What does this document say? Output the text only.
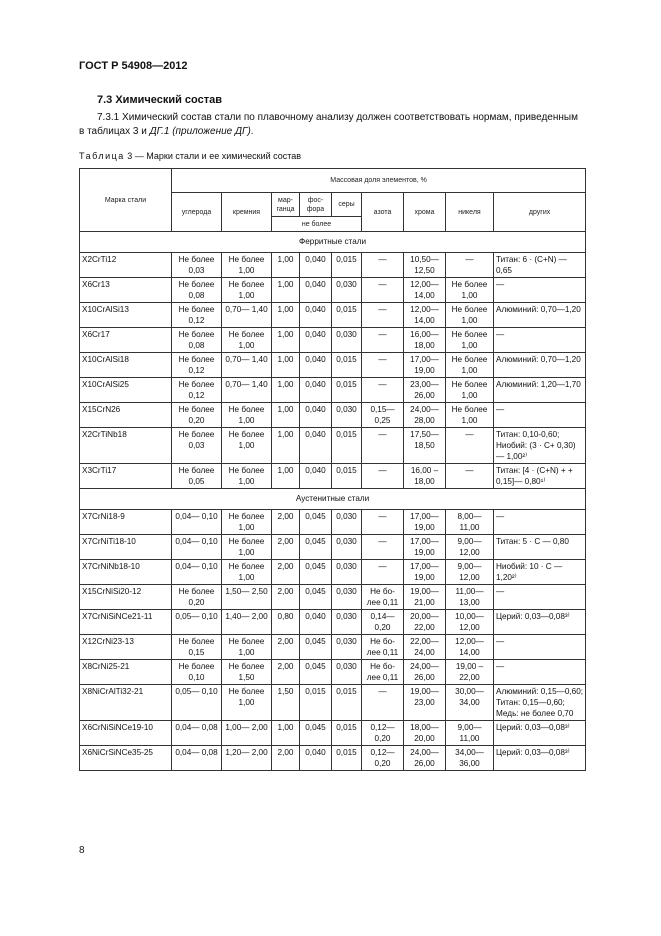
ГОСТ Р 54908—2012
7.3 Химический состав
7.3.1 Химический состав стали по плавочному анализу должен соответствовать нормам, приведенным в таблицах 3 и ДГ.1 (приложение ДГ).
Таблица 3 — Марки стали и ее химический состав
Марка стали	Массовая доля элементов, %								
	углерода	кремния	мар-ганца	фос-фора	серы	азота	хрома	никеля	других
			не более						
Ферритные стали									
X2CrTi12	Не более 0,03	Не более 1,00	1,00	0,040	0,015	—	10,50— 12,50	—	Титан: 6 · (C+N) — 0,65
X6Cr13	Не более 0,08	Не более 1,00	1,00	0,040	0,030	—	12,00— 14,00	Не более 1,00	—
X10CrAlSi13	Не более 0,12	0,70— 1,40	1,00	0,040	0,015	—	12,00— 14,00	Не более 1,00	Алюминий: 0,70—1,20
X6Cr17	Не более 0,08	Не более 1,00	1,00	0,040	0,030	—	16,00— 18,00	Не более 1,00	—
X10CrAlSi18	Не более 0,12	0,70— 1,40	1,00	0,040	0,015	—	17,00— 19,00	Не более 1,00	Алюминий: 0,70—1,20
X10CrAlSi25	Не более 0,12	0,70— 1,40	1,00	0,040	0,015	—	23,00— 26,00	Не более 1,00	Алюминий: 1,20—1,70
X15CrN26	Не более 0,20	Не более 1,00	1,00	0,040	0,030	0,15— 0,25	24,00— 28,00	Не более 1,00	—
X2CrTiNb18	Не более 0,03	Не более 1,00	1,00	0,040	0,015	—	17,50— 18,50	—	Титан: 0,10-0,60; Ниобий: (3 · C+ 0,30) — 1,00²⁾
X3CrTi17	Не более 0,05	Не более 1,00	1,00	0,040	0,015	—	16,00 – 18,00	—	Титан: [4 · (C+N) + + 0,15]— 0,80¹⁾
Аустенитные стали									
X7CrNi18-9	0,04— 0,10	Не более 1,00	2,00	0,045	0,030	—	17,00— 19,00	8,00— 11,00	—
X7CrNiTi18-10	0,04— 0,10	Не более 1,00	2,00	0,045	0,030	—	17,00— 19,00	9,00— 12,00	Титан: 5 · C — 0,80
X7CrNiNb18-10	0,04— 0,10	Не более 1,00	2,00	0,045	0,030	—	17,00— 19,00	9,00— 12,00	Ниобий: 10 · C — 1,20²⁾
X15CrNiSi20-12	Не более 0,20	1,50— 2,50	2,00	0,045	0,030	Не бо- лее 0,11	19,00— 21,00	11,00— 13,00	—
X7CrNiSiNCe21-11	0,05— 0,10	1,40— 2,00	0,80	0,040	0,030	0,14— 0,20	20,00— 22,00	10,00— 12,00	Церий: 0,03—0,08³⁾
X12CrNi23-13	Не более 0,15	Не более 1,00	2,00	0,045	0,030	Не бо- лее 0,11	22,00— 24,00	12,00— 14,00	—
X8CrNi25-21	Не более 0,10	Не более 1,50	2,00	0,045	0,030	Не бо- лее 0,11	24,00— 26,00	19,00 – 22,00	—
X8NiCrAlTi32-21	0,05— 0,10	Не более 1,00	1,50	0,015	0,015	—	19,00— 23,00	30,00— 34,00	Алюминий: 0,15—0,60; Титан: 0,15—0,60; Медь: не более 0,70
X6CrNiSiNCe19-10	0,04— 0,08	1,00— 2,00	1,00	0,045	0,015	0,12— 0,20	18,00— 20,00	9,00— 11,00	Церий: 0,03—0,08³⁾
X6NiCrSiNCe35-25	0,04— 0,08	1,20— 2,00	2,00	0,040	0,015	0,12— 0,20	24,00— 26,00	34,00— 36,00	Церий: 0,03—0,08³⁾
8
